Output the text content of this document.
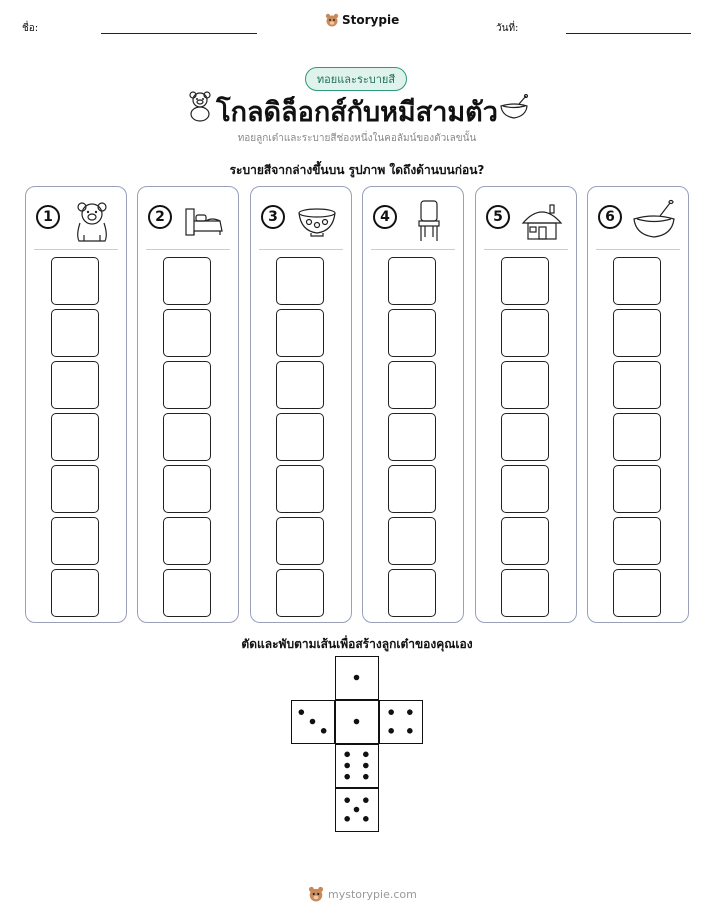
ชื่อ:
Storypie
วันที่:
ทอยและระบายสี
โกลดิล็อกส์กับหมีสามตัว
ทอยลูกเต๋าและระบายสีช่องหนึ่งในคอลัมน์ของตัวเลขนั้น
ระบายสีจากล่างขึ้นบน รูปภาพ ใดถึงด้านบนก่อน?
1	2	3	4	5	6
ตัดและพับตามเส้นเพื่อสร้างลูกเต๋าของคุณเอง
mystorypie.com
